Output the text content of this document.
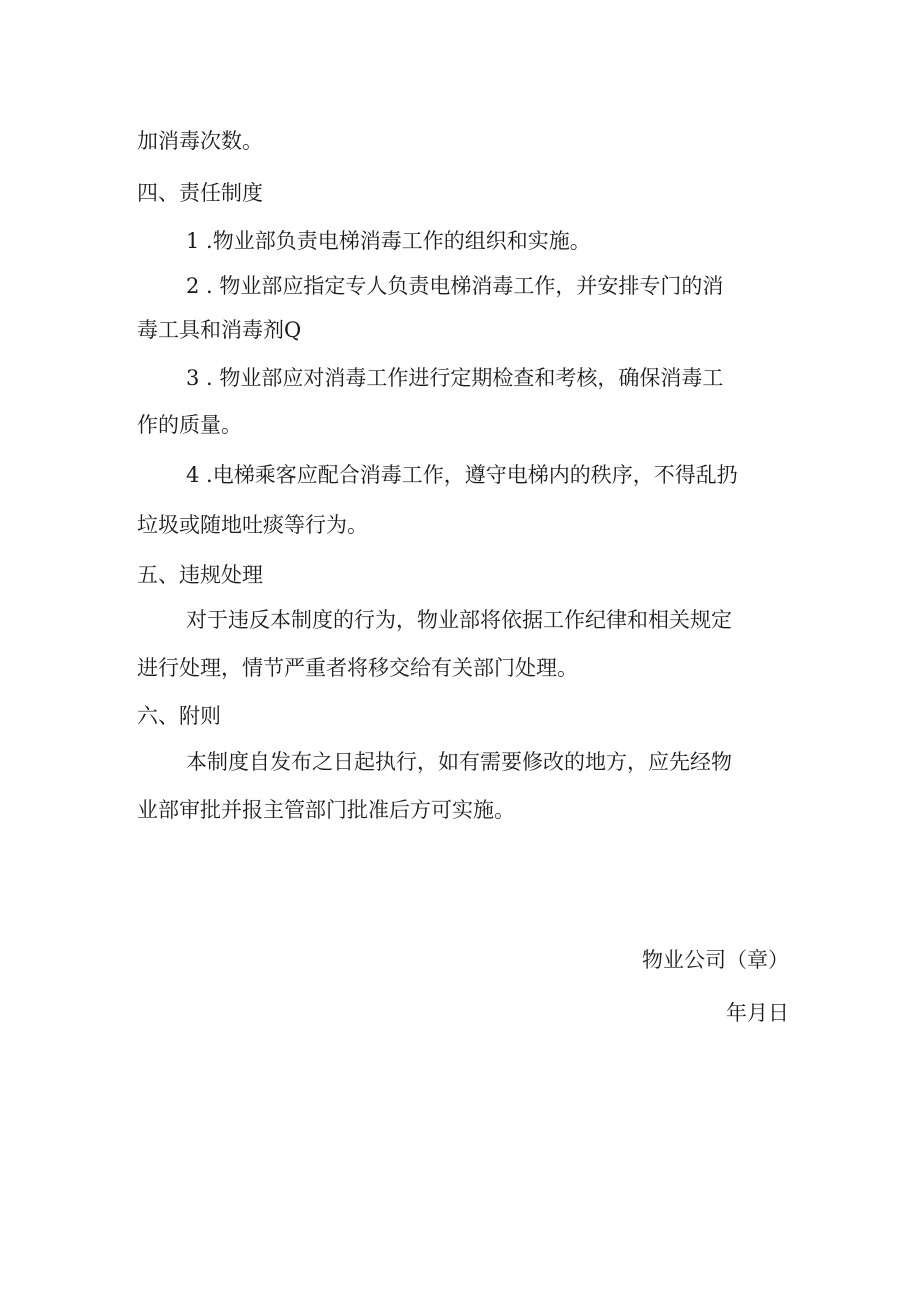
加消毒次数。

四、责任制度

1 .物业部负责电梯消毒工作的组织和实施。

2 . 物业部应指定专人负责电梯消毒工作，并安排专门的消

毒工具和消毒剂Q

3 . 物业部应对消毒工作进行定期检查和考核，确保消毒工

作的质量。

4 .电梯乘客应配合消毒工作，遵守电梯内的秩序，不得乱扔

垃圾或随地吐痰等行为。

五、违规处理

对于违反本制度的行为，物业部将依据工作纪律和相关规定

进行处理，情节严重者将移交给有关部门处理。

六、附则

本制度自发布之日起执行，如有需要修改的地方，应先经物

业部审批并报主管部门批准后方可实施。

物业公司（章）

年月日
